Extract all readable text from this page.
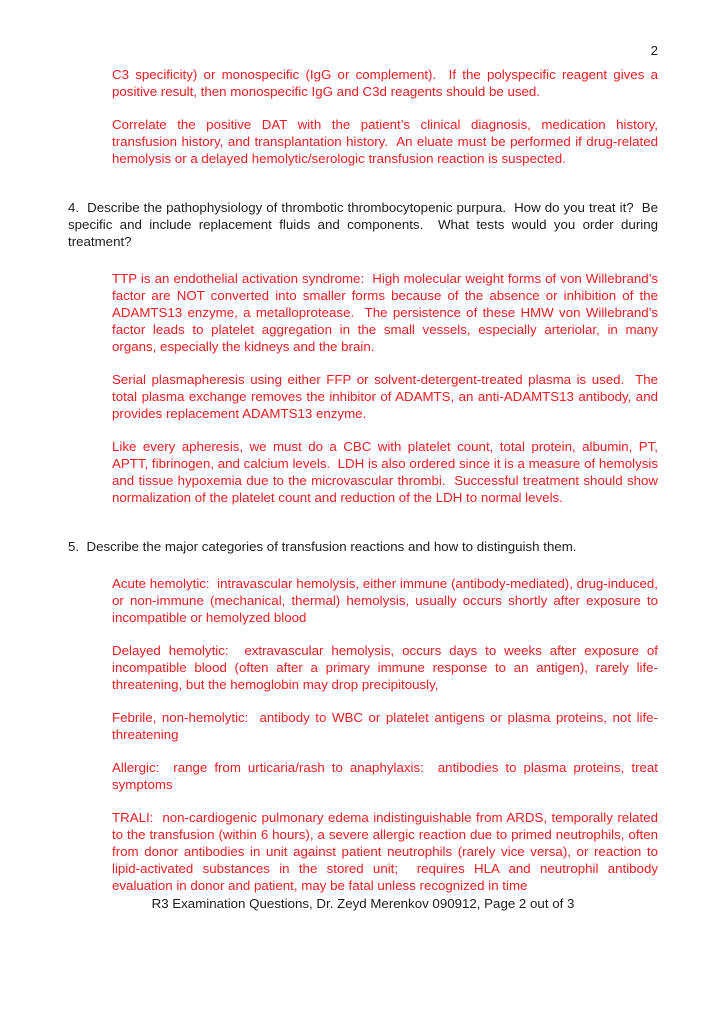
2

C3 specificity) or monospecific (IgG or complement).  If the polyspecific reagent gives a positive result, then monospecific IgG and C3d reagents should be used.

Correlate the positive DAT with the patient’s clinical diagnosis, medication history, transfusion history, and transplantation history.  An eluate must be performed if drug-related hemolysis or a delayed hemolytic/serologic transfusion reaction is suspected.

4.  Describe the pathophysiology of thrombotic thrombocytopenic purpura.  How do you treat it?  Be specific and include replacement fluids and components.  What tests would you order during treatment?

TTP is an endothelial activation syndrome:  High molecular weight forms of von Willebrand’s factor are NOT converted into smaller forms because of the absence or inhibition of the ADAMTS13 enzyme, a metalloprotease.  The persistence of these HMW von Willebrand’s factor leads to platelet aggregation in the small vessels, especially arteriolar, in many organs, especially the kidneys and the brain.

Serial plasmapheresis using either FFP or solvent-detergent-treated plasma is used.  The total plasma exchange removes the inhibitor of ADAMTS, an anti-ADAMTS13 antibody, and provides replacement ADAMTS13 enzyme.

Like every apheresis, we must do a CBC with platelet count, total protein, albumin, PT, APTT, fibrinogen, and calcium levels.  LDH is also ordered since it is a measure of hemolysis and tissue hypoxemia due to the microvascular thrombi.  Successful treatment should show normalization of the platelet count and reduction of the LDH to normal levels.

5.  Describe the major categories of transfusion reactions and how to distinguish them.

Acute hemolytic:  intravascular hemolysis, either immune (antibody-mediated), drug-induced, or non-immune (mechanical, thermal) hemolysis, usually occurs shortly after exposure to incompatible or hemolyzed blood

Delayed hemolytic:  extravascular hemolysis, occurs days to weeks after exposure of incompatible blood (often after a primary immune response to an antigen), rarely life-threatening, but the hemoglobin may drop precipitously,

Febrile, non-hemolytic:  antibody to WBC or platelet antigens or plasma proteins, not life-threatening

Allergic:  range from urticaria/rash to anaphylaxis:  antibodies to plasma proteins, treat symptoms

TRALI:  non-cardiogenic pulmonary edema indistinguishable from ARDS, temporally related to the transfusion (within 6 hours), a severe allergic reaction due to primed neutrophils, often from donor antibodies in unit against patient neutrophils (rarely vice versa), or reaction to lipid-activated substances in the stored unit;  requires HLA and neutrophil antibody evaluation in donor and patient, may be fatal unless recognized in time

R3 Examination Questions, Dr. Zeyd Merenkov 090912, Page 2 out of 3
